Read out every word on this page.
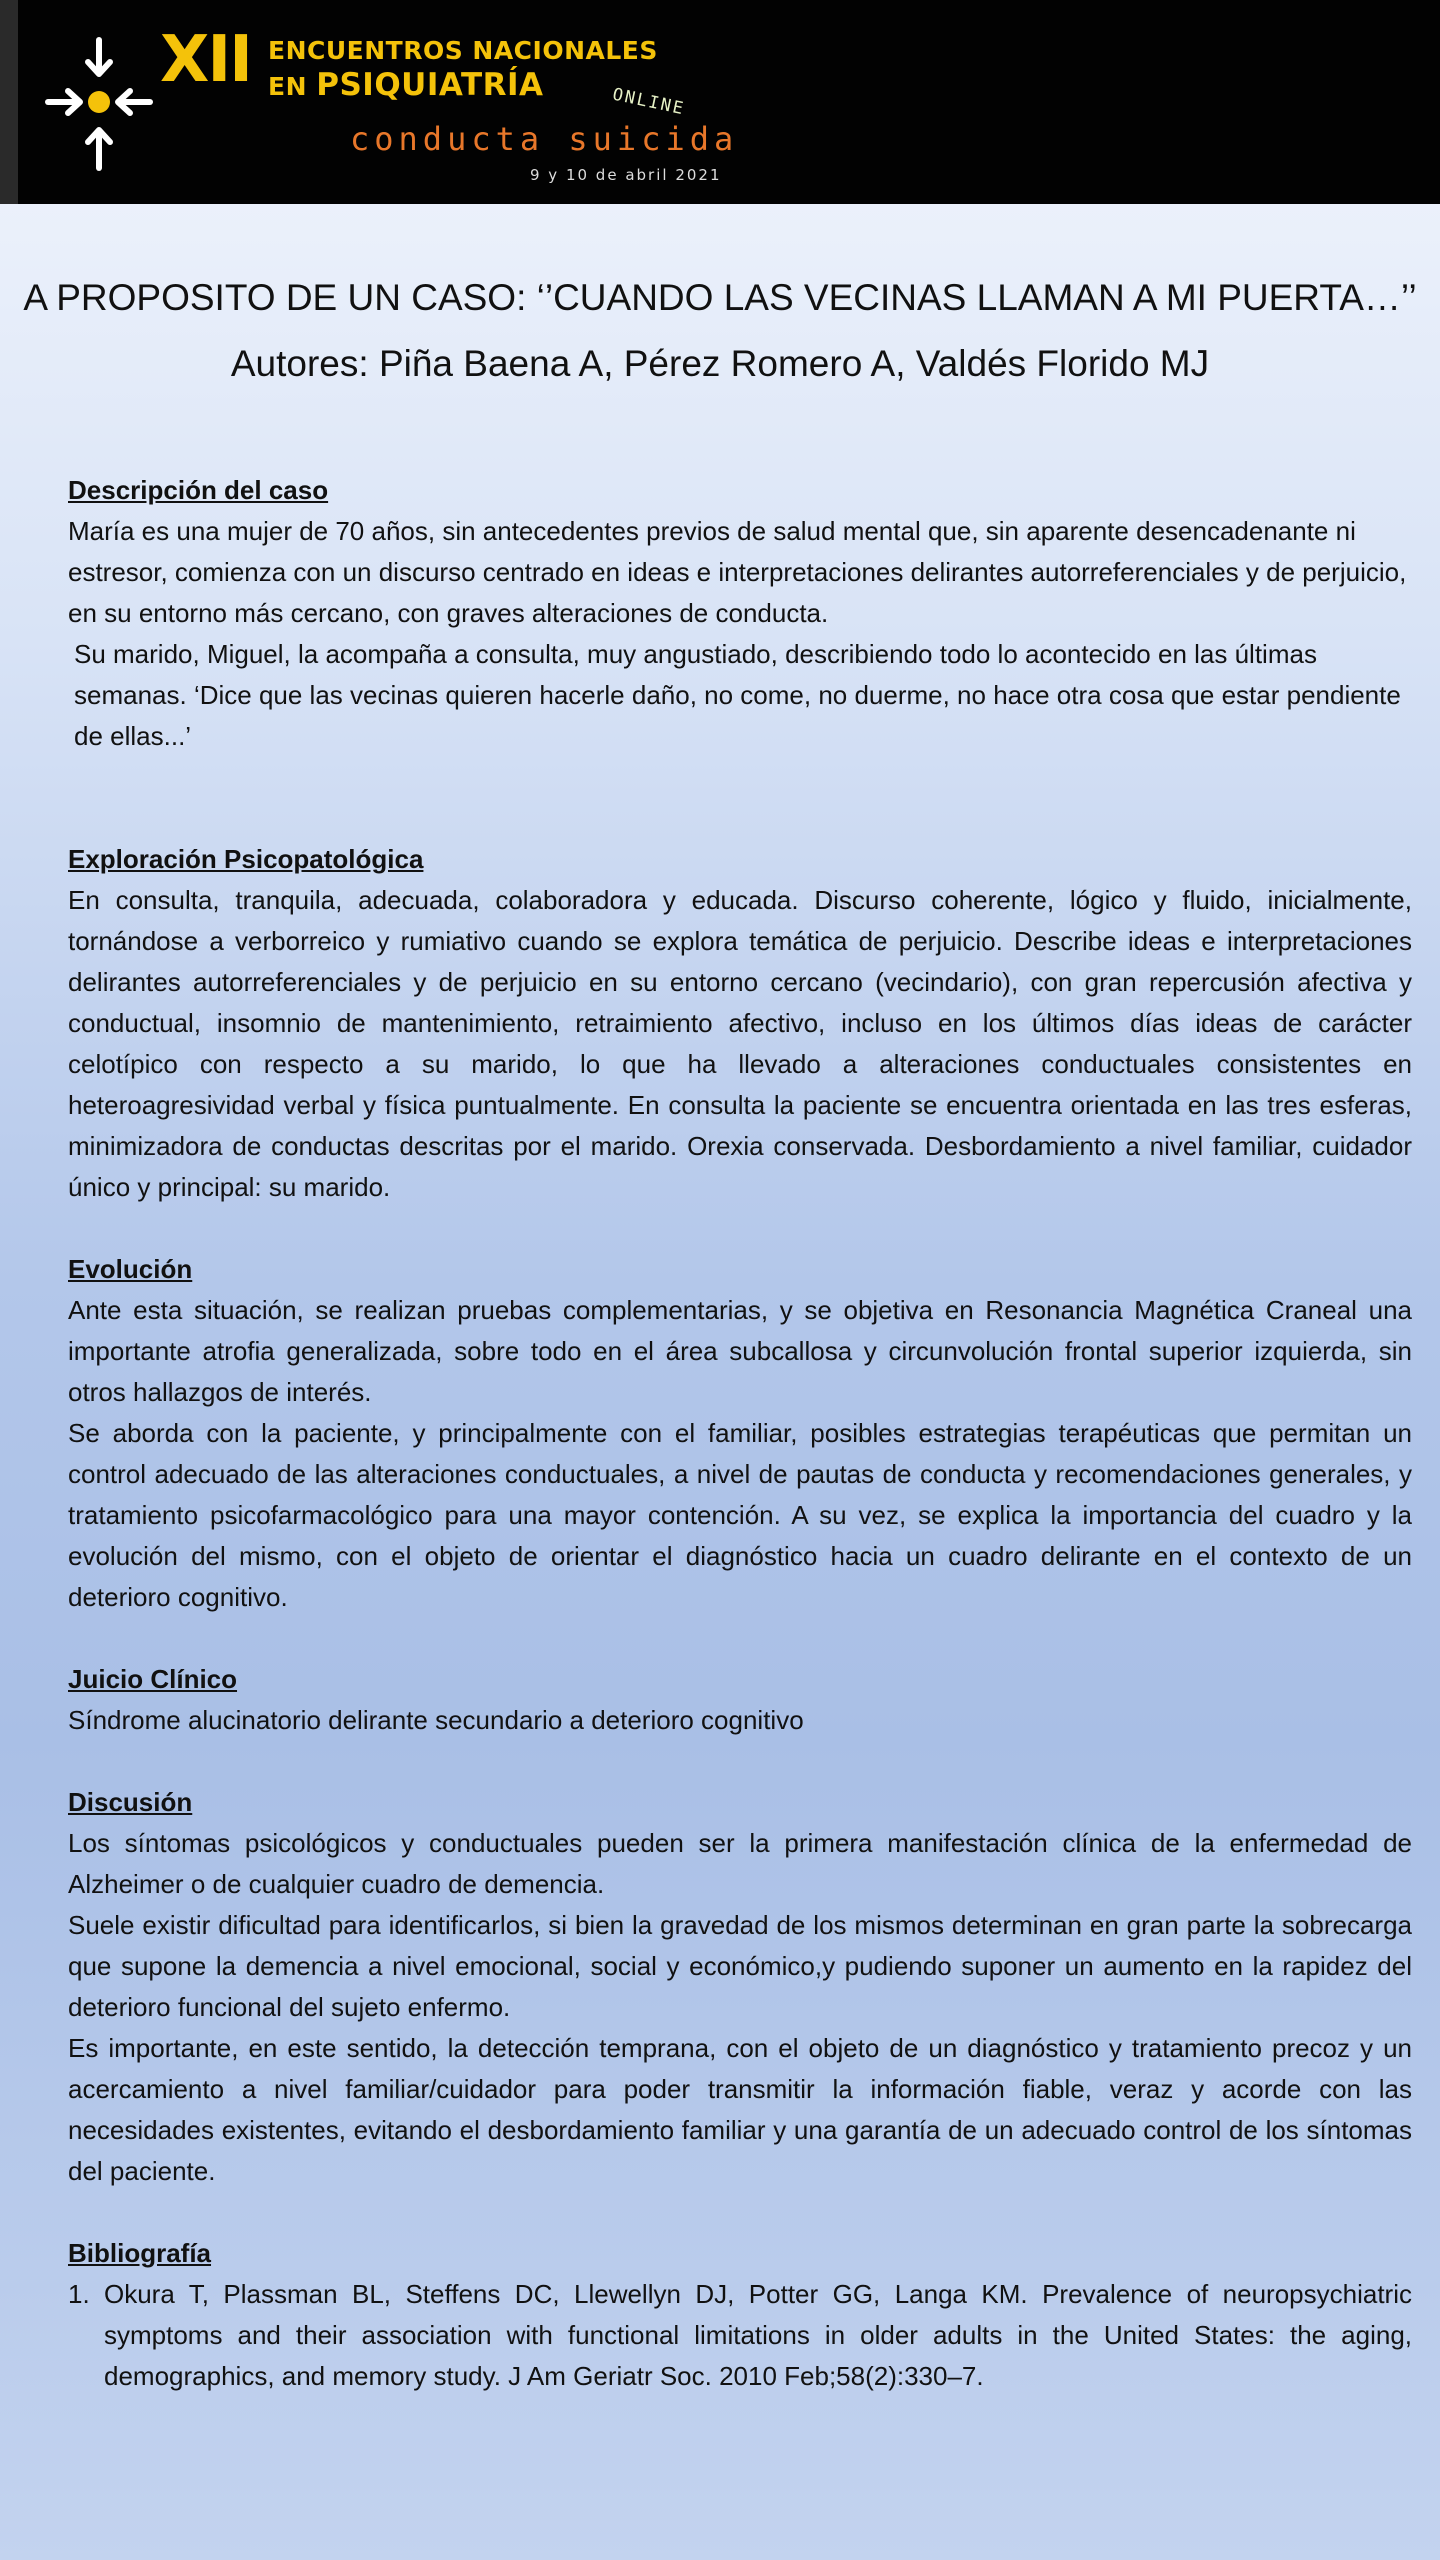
XII ENCUENTROS NACIONALES
EN PSIQUIATRÍA	ONLINE
conducta suicida
9 y 10 de abril 2021
A PROPOSITO DE UN CASO: ‘’CUANDO LAS VECINAS LLAMAN A MI PUERTA…’’
Autores: Piña Baena A, Pérez Romero A, Valdés Florido MJ
Descripción del caso

María es una mujer de 70 años, sin antecedentes previos de salud mental que, sin aparente desencadenante ni estresor, comienza con un discurso centrado en ideas e interpretaciones delirantes autorreferenciales y de perjuicio, en su entorno más cercano, con graves alteraciones de conducta.

Su marido, Miguel, la acompaña a consulta, muy angustiado, describiendo todo lo acontecido en las últimas semanas. ‘Dice que las vecinas quieren hacerle daño, no come, no duerme, no hace otra cosa que estar pendiente de ellas...’

Exploración Psicopatológica

En consulta, tranquila, adecuada, colaboradora y educada. Discurso coherente, lógico y fluido, inicialmente, tornándose a verborreico y rumiativo cuando se explora temática de perjuicio. Describe ideas e interpretaciones delirantes autorreferenciales y de perjuicio en su entorno cercano (vecindario), con gran repercusión afectiva y conductual, insomnio de mantenimiento, retraimiento afectivo, incluso en los últimos días ideas de carácter celotípico con respecto a su marido, lo que ha llevado a alteraciones conductuales consistentes en heteroagresividad verbal y física puntualmente. En consulta la paciente se encuentra orientada en las tres esferas, minimizadora de conductas descritas por el marido. Orexia conservada. Desbordamiento a nivel familiar, cuidador único y principal: su marido.

Evolución

Ante esta situación, se realizan pruebas complementarias, y se objetiva en Resonancia Magnética Craneal una importante atrofia generalizada, sobre todo en el área subcallosa y circunvolución frontal superior izquierda, sin otros hallazgos de interés.

Se aborda con la paciente, y principalmente con el familiar, posibles estrategias terapéuticas que permitan un control adecuado de las alteraciones conductuales, a nivel de pautas de conducta y recomendaciones generales, y tratamiento psicofarmacológico para una mayor contención. A su vez, se explica la importancia del cuadro y la evolución del mismo, con el objeto de orientar el diagnóstico hacia un cuadro delirante en el contexto de un deterioro cognitivo.

Juicio Clínico

Síndrome alucinatorio delirante secundario a deterioro cognitivo

Discusión

Los síntomas psicológicos y conductuales pueden ser la primera manifestación clínica de la enfermedad de Alzheimer o de cualquier cuadro de demencia.

Suele existir dificultad para identificarlos, si bien la gravedad de los mismos determinan en gran parte la sobrecarga que supone la demencia a nivel emocional, social y económico,y pudiendo suponer un aumento en la rapidez del deterioro funcional del sujeto enfermo.

Es importante, en este sentido, la detección temprana, con el objeto de un diagnóstico y tratamiento precoz y un acercamiento a nivel familiar/cuidador para poder transmitir la información fiable, veraz y acorde con las necesidades existentes, evitando el desbordamiento familiar y una garantía de un adecuado control de los síntomas del paciente.

Bibliografía
1. Okura T, Plassman BL, Steffens DC, Llewellyn DJ, Potter GG, Langa KM. Prevalence of neuropsychiatric symptoms and their association with functional limitations in older adults in the United States: the aging, demographics, and memory study. J Am Geriatr Soc. 2010 Feb;58(2):330–7.
